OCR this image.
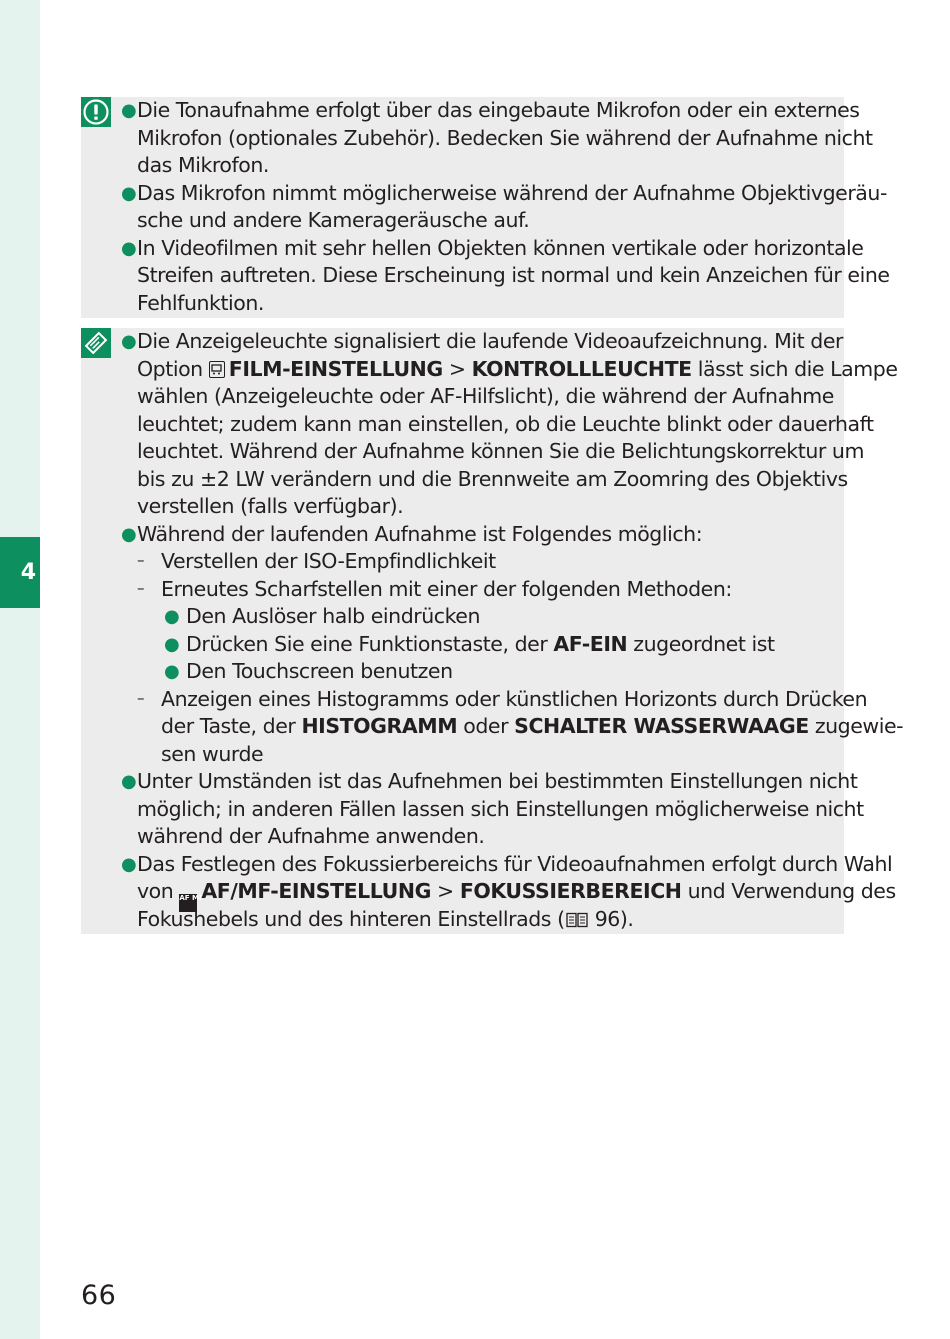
4
● Die Tonaufnahme erfolgt über das eingebaute Mikrofon oder ein externes
Mikrofon (optionales Zubehör). Bedecken Sie während der Aufnahme nicht
das Mikrofon.
● Das Mikrofon nimmt möglicherweise während der Aufnahme Objektivgeräu-
sche und andere Kamerageräusche auf.
● In Videofilmen mit sehr hellen Objekten können vertikale oder horizontale
Streifen auftreten. Diese Erscheinung ist normal und kein Anzeichen für eine
Fehlfunktion.
● Die Anzeigeleuchte signalisiert die laufende Videoaufzeichnung. Mit der
Option
FILM-EINSTELLUNG > KONTROLLLEUCHTE lässt sich die Lampe
wählen (Anzeigeleuchte oder AF-Hilfslicht), die während der Aufnahme
leuchtet; zudem kann man einstellen, ob die Leuchte blinkt oder dauerhaft
leuchtet. Während der Aufnahme können Sie die Belichtungskorrektur um
bis zu ±2 LW verändern und die Brennweite am Zoomring des Objektivs
verstellen (falls verfügbar).
● Während der laufenden Aufnahme ist Folgendes möglich:
– Verstellen der ISO-Empfindlichkeit
– Erneutes Scharfstellen mit einer der folgenden Methoden:
● Den Auslöser halb eindrücken
● Drücken Sie eine Funktionstaste, der AF-EIN zugeordnet ist
● Den Touchscreen benutzen
– Anzeigen eines Histogramms oder künstlichen Horizonts durch Drücken
der Taste, der HISTOGRAMM oder SCHALTER WASSERWAAGE zugewie-
sen wurde
● Unter Umständen ist das Aufnehmen bei bestimmten Einstellungen nicht
möglich; in anderen Fällen lassen sich Einstellungen möglicherweise nicht
während der Aufnahme anwenden.
● Das Festlegen des Fokussierbereichs für Videoaufnahmen erfolgt durch Wahl
von AF MFAF/MF-EINSTELLUNG > FOKUSSIERBEREICH und Verwendung des
Fokushebels und des hinteren Einstellrads ( 96).
66
